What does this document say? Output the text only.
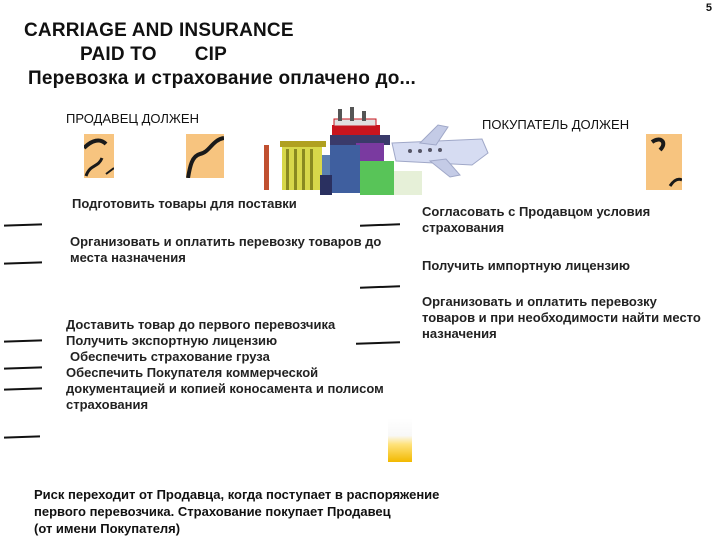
5
CARRIAGE AND INSURANCE
PAID TO CIP
Перевозка и страхование оплачено до...
ПРОДАВЕЦ ДОЛЖЕН	ПОКУПАТЕЛЬ ДОЛЖЕН
Подготовить товары для поставки
Организовать и оплатить перевозку товаров до места назначения
Доставить товар до первого перевозчика
Получить экспортную лицензию
Обеспечить страхование груза
Обеспечить Покупателя коммерческой документацией и копией коносамента и полисом страхования
Согласовать с Продавцом условия страхования
Получить импортную лицензию
Организовать и оплатить перевозку товаров и при необходимости найти место назначения
Риск переходит от Продавца, когда поступает в распоряжение
первого перевозчика. Страхование покупает Продавец
(от имени Покупателя)
